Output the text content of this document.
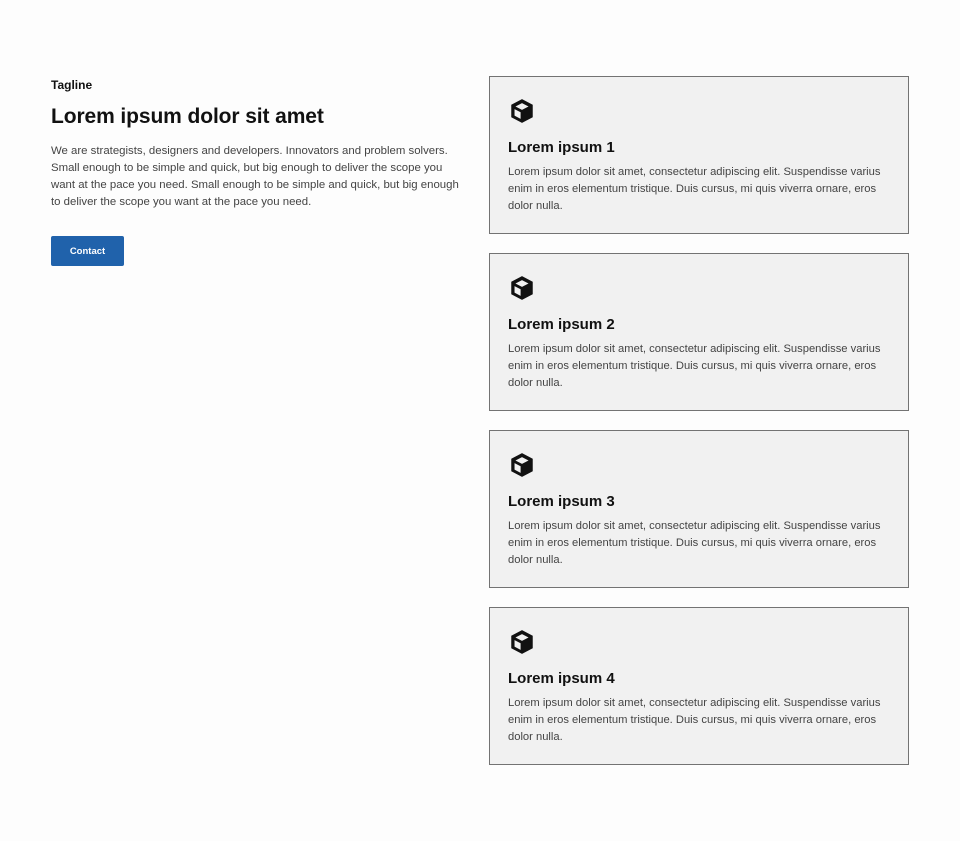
Tagline

Lorem ipsum dolor sit amet

We are strategists, designers and developers. Innovators and problem solvers. Small enough to be simple and quick, but big enough to deliver the scope you want at the pace you need. Small enough to be simple and quick, but big enough to deliver the scope you want at the pace you need.

Contact
Lorem ipsum 1

Lorem ipsum dolor sit amet, consectetur adipiscing elit. Suspendisse varius enim in eros elementum tristique. Duis cursus, mi quis viverra ornare, eros dolor nulla.

Lorem ipsum 2

Lorem ipsum dolor sit amet, consectetur adipiscing elit. Suspendisse varius enim in eros elementum tristique. Duis cursus, mi quis viverra ornare, eros dolor nulla.

Lorem ipsum 3

Lorem ipsum dolor sit amet, consectetur adipiscing elit. Suspendisse varius enim in eros elementum tristique. Duis cursus, mi quis viverra ornare, eros dolor nulla.

Lorem ipsum 4

Lorem ipsum dolor sit amet, consectetur adipiscing elit. Suspendisse varius enim in eros elementum tristique. Duis cursus, mi quis viverra ornare, eros dolor nulla.
